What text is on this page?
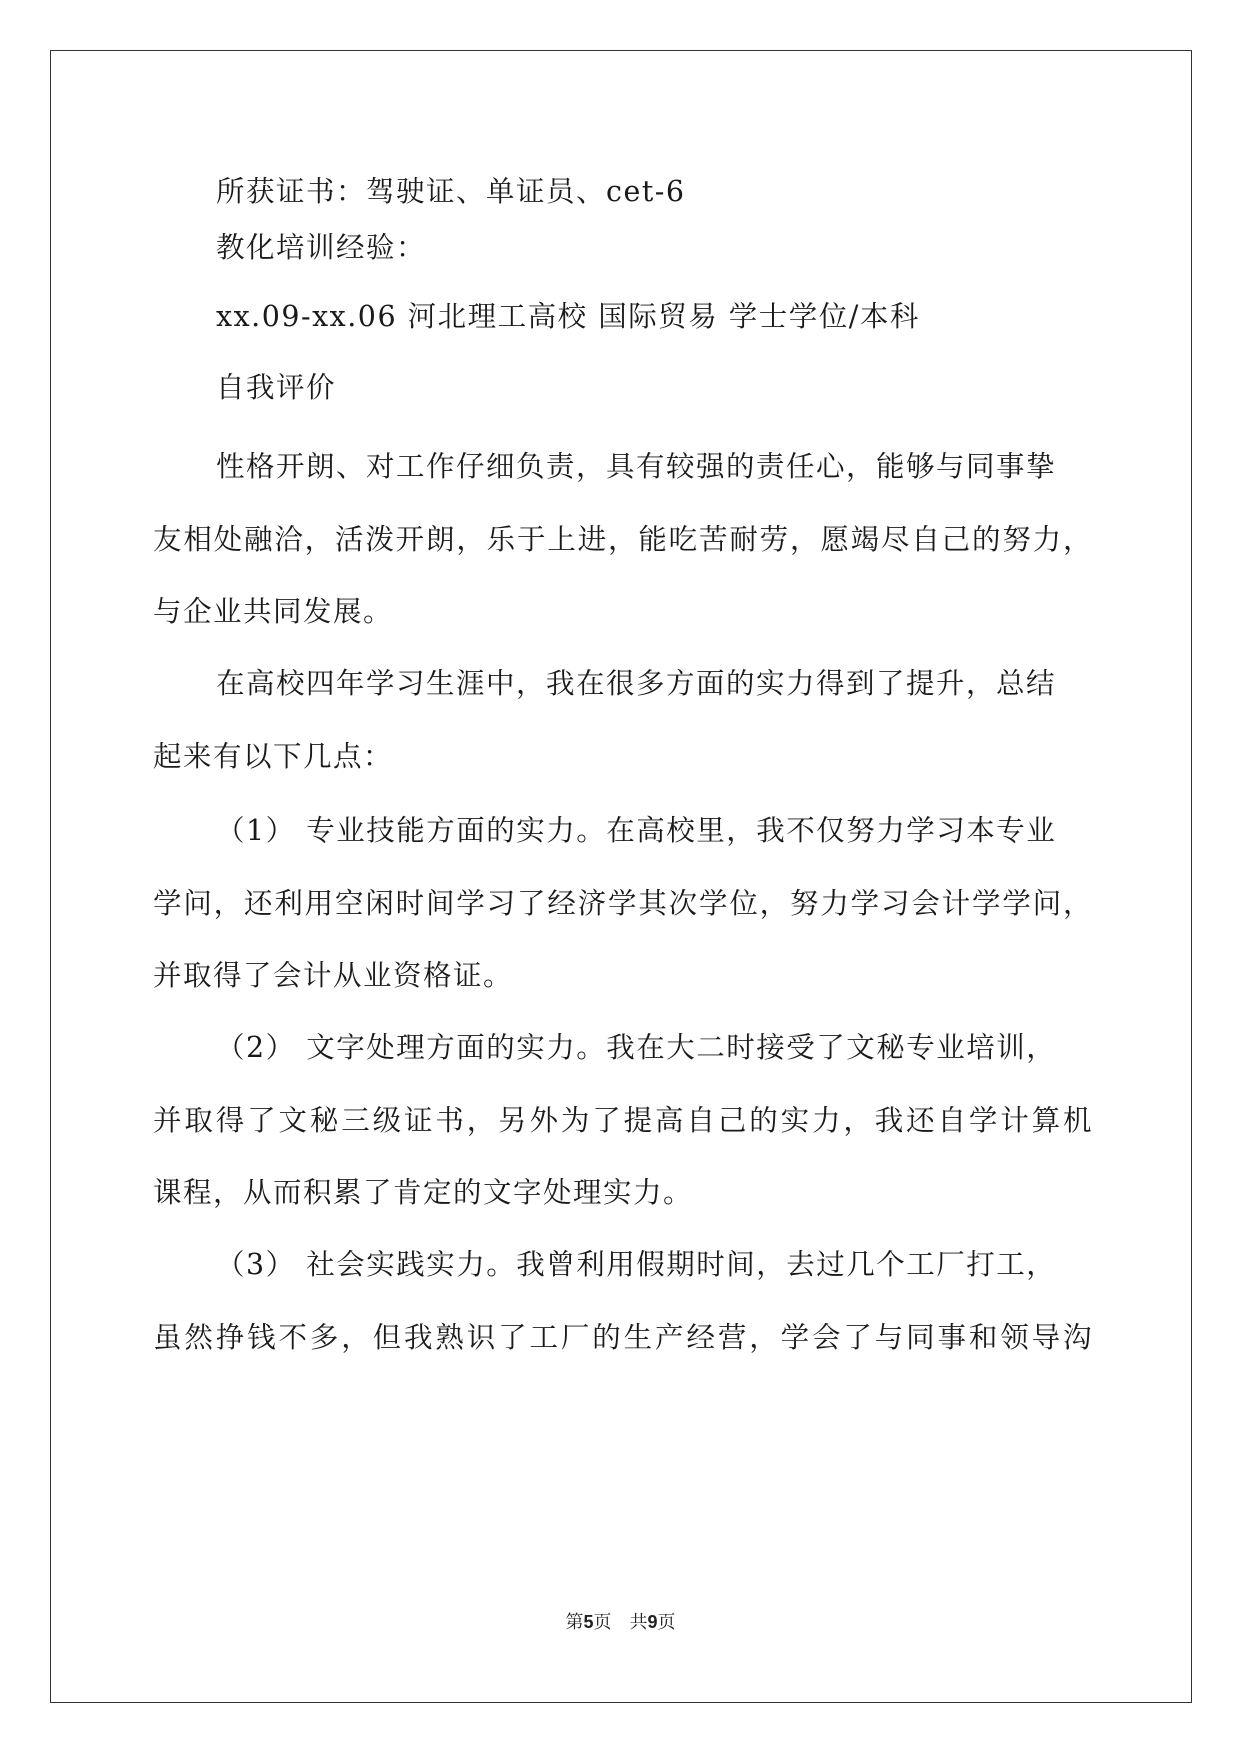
所获证书：驾驶证、单证员、cet-6
教化培训经验：
xx.09-xx.06 河北理工高校 国际贸易 学士学位/本科
自我评价
性格开朗、对工作仔细负责，具有较强的责任心，能够与同事挚
友相处融洽，活泼开朗，乐于上进，能吃苦耐劳，愿竭尽自己的努力，
与企业共同发展。
在高校四年学习生涯中，我在很多方面的实力得到了提升，总结
起来有以下几点：
（1） 专业技能方面的实力。在高校里，我不仅努力学习本专业
学问，还利用空闲时间学习了经济学其次学位，努力学习会计学学问，
并取得了会计从业资格证。
（2） 文字处理方面的实力。我在大二时接受了文秘专业培训，
并取得了文秘三级证书，另外为了提高自己的实力，我还自学计算机
课程，从而积累了肯定的文字处理实力。
（3） 社会实践实力。我曾利用假期时间，去过几个工厂打工，
虽然挣钱不多，但我熟识了工厂的生产经营，学会了与同事和领导沟
第5页 共9页
